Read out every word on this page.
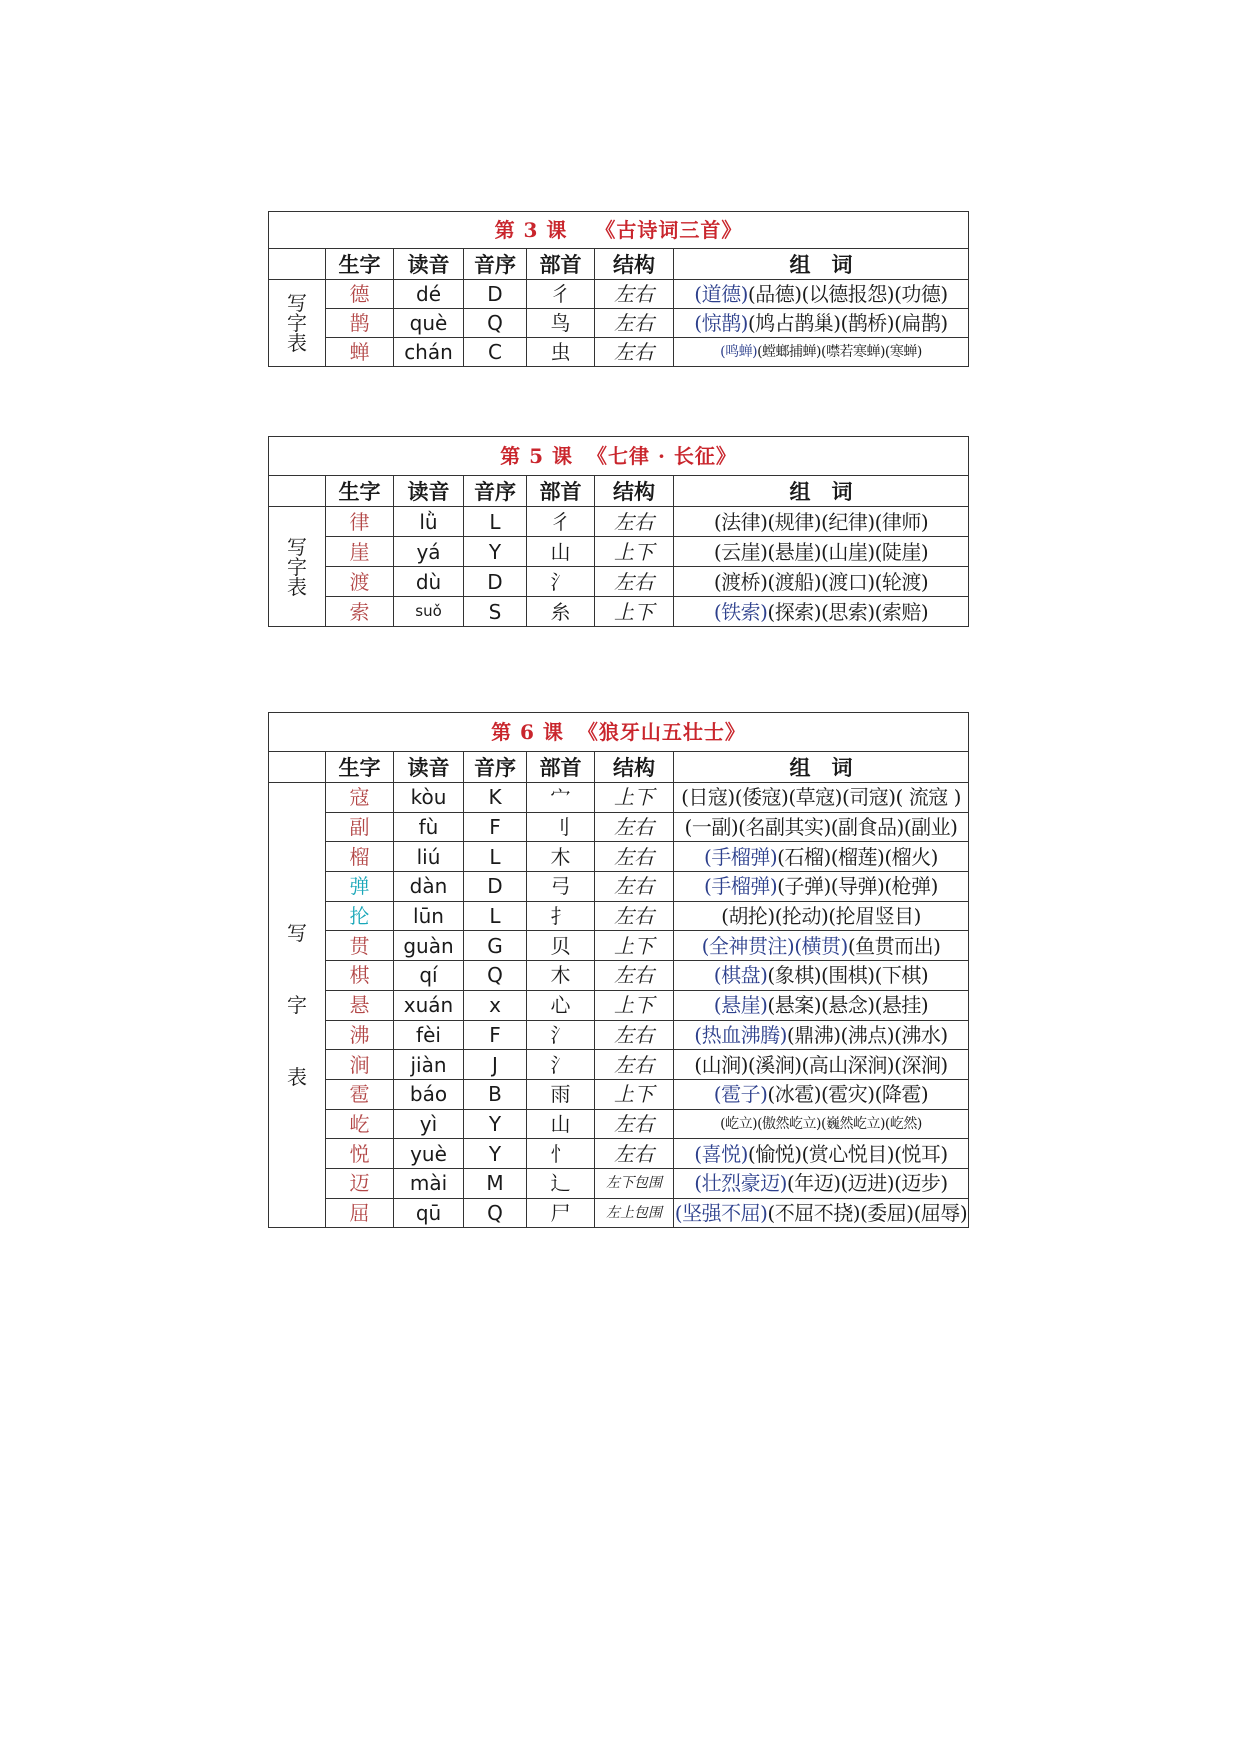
第 3 课 《古诗词三首》						
	生字	读音	音序	部首	结构	组　词
写字表	德	dé	D	彳	左右	(道德)(品德)(以德报怨)(功德)
	鹊	què	Q	鸟	左右	(惊鹊)(鸠占鹊巢)(鹊桥)(扁鹊)
	蝉	chán	C	虫	左右	(鸣蝉)(螳螂捕蝉)(噤若寒蝉)(寒蝉)
第 5 课 《七律 · 长征》						
	生字	读音	音序	部首	结构	组　词
写字表	律	lǜ	L	彳	左右	(法律)(规律)(纪律)(律师)
	崖	yá	Y	山	上下	(云崖)(悬崖)(山崖)(陡崖)
	渡	dù	D	氵	左右	(渡桥)(渡船)(渡口)(轮渡)
	索	suǒ	S	糸	上下	(铁索)(探索)(思索)(索赔)
第 6 课 《狼牙山五壮士》						
	生字	读音	音序	部首	结构	组　词
写字表	寇	kòu	K	宀	上下	(日寇)(倭寇)(草寇)(司寇)( 流寇 )
	副	fù	F	刂	左右	(一副)(名副其实)(副食品)(副业)
	榴	liú	L	木	左右	(手榴弹)(石榴)(榴莲)(榴火)
	弹	dàn	D	弓	左右	(手榴弹)(子弹)(导弹)(枪弹)
	抡	lūn	L	扌	左右	(胡抡)(抡动)(抡眉竖目)
	贯	guàn	G	贝	上下	(全神贯注)(横贯)(鱼贯而出)
	棋	qí	Q	木	左右	(棋盘)(象棋)(围棋)(下棋)
	悬	xuán	x	心	上下	(悬崖)(悬案)(悬念)(悬挂)
	沸	fèi	F	氵	左右	(热血沸腾)(鼎沸)(沸点)(沸水)
	涧	jiàn	J	氵	左右	(山涧)(溪涧)(高山深涧)(深涧)
	雹	báo	B	雨	上下	(雹子)(冰雹)(雹灾)(降雹)
	屹	yì	Y	山	左右	(屹立)(傲然屹立)(巍然屹立)(屹然)
	悦	yuè	Y	忄	左右	(喜悦)(愉悦)(赏心悦目)(悦耳)
	迈	mài	M	辶	左下包围	(壮烈豪迈)(年迈)(迈进)(迈步)
	屈	qū	Q	尸	左上包围	(坚强不屈)(不屈不挠)(委屈)(屈辱)
